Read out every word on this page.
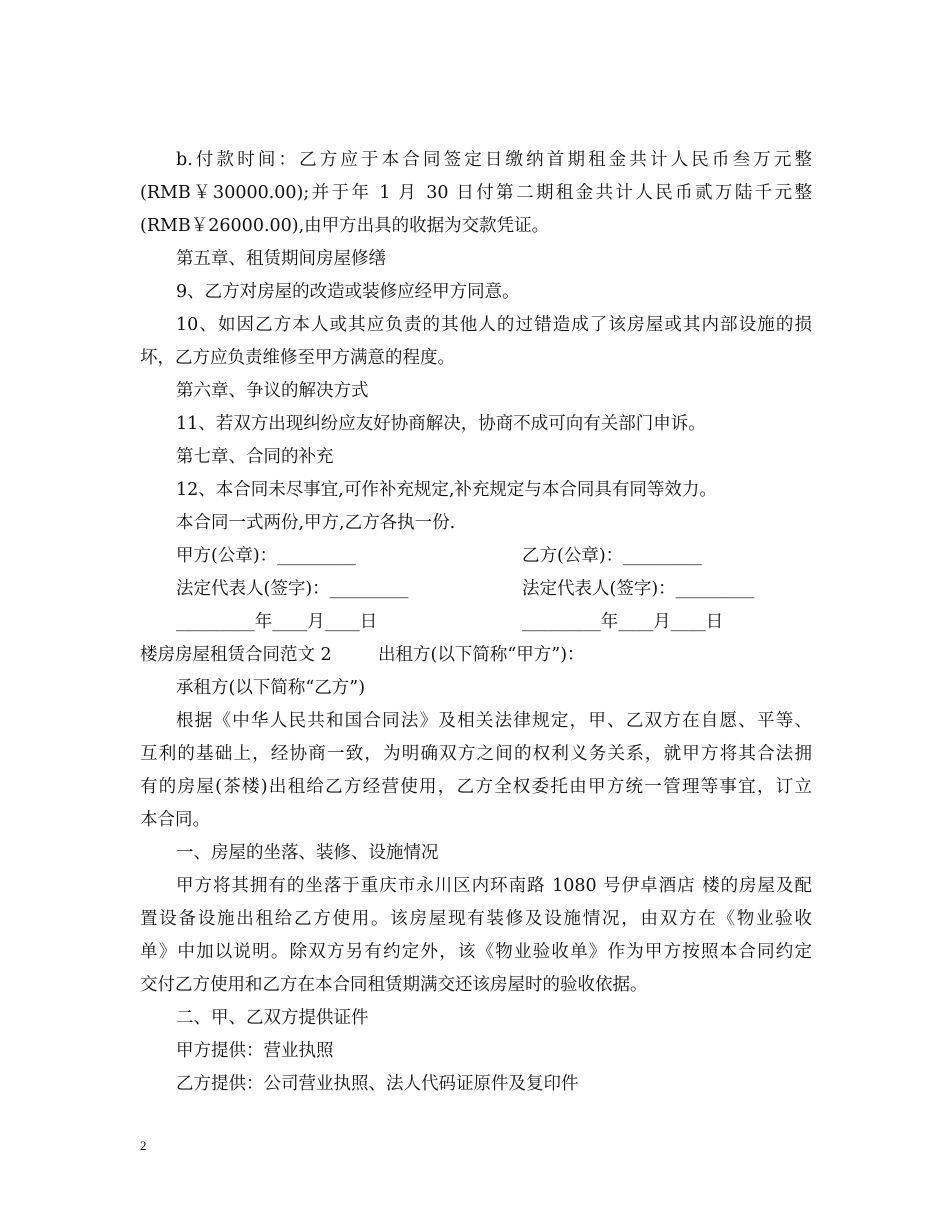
b.付款时间：乙方应于本合同签定日缴纳首期租金共计人民币叁万元整
(RMB￥30000.00);并于年 1 月 30 日付第二期租金共计人民币贰万陆千元整
(RMB￥26000.00),由甲方出具的收据为交款凭证。
第五章、租赁期间房屋修缮
9、乙方对房屋的改造或装修应经甲方同意。
10、如因乙方本人或其应负责的其他人的过错造成了该房屋或其内部设施的损
坏，乙方应负责维修至甲方满意的程度。
第六章、争议的解决方式
11、若双方出现纠纷应友好协商解决，协商不成可向有关部门申诉。
第七章、合同的补充
12、本合同未尽事宜,可作补充规定,补充规定与本合同具有同等效力。
本合同一式两份,甲方,乙方各执一份.
甲方(公章)：_________	乙方(公章)：_________
法定代表人(签字)：_________	法定代表人(签字)：_________
_________年____月____日	_________年____月____日
楼房房屋租赁合同范文 2	出租方(以下简称“甲方”)：
承租方(以下简称“乙方”)
根据《中华人民共和国合同法》及相关法律规定，甲、乙双方在自愿、平等、
互利的基础上，经协商一致，为明确双方之间的权利义务关系，就甲方将其合法拥
有的房屋(茶楼)出租给乙方经营使用，乙方全权委托由甲方统一管理等事宜，订立
本合同。
一、房屋的坐落、装修、设施情况
甲方将其拥有的坐落于重庆市永川区内环南路 1080 号伊卓酒店 楼的房屋及配
置设备设施出租给乙方使用。该房屋现有装修及设施情况，由双方在《物业验收
单》中加以说明。除双方另有约定外，该《物业验收单》作为甲方按照本合同约定
交付乙方使用和乙方在本合同租赁期满交还该房屋时的验收依据。
二、甲、乙双方提供证件
甲方提供：营业执照
乙方提供：公司营业执照、法人代码证原件及复印件
2
